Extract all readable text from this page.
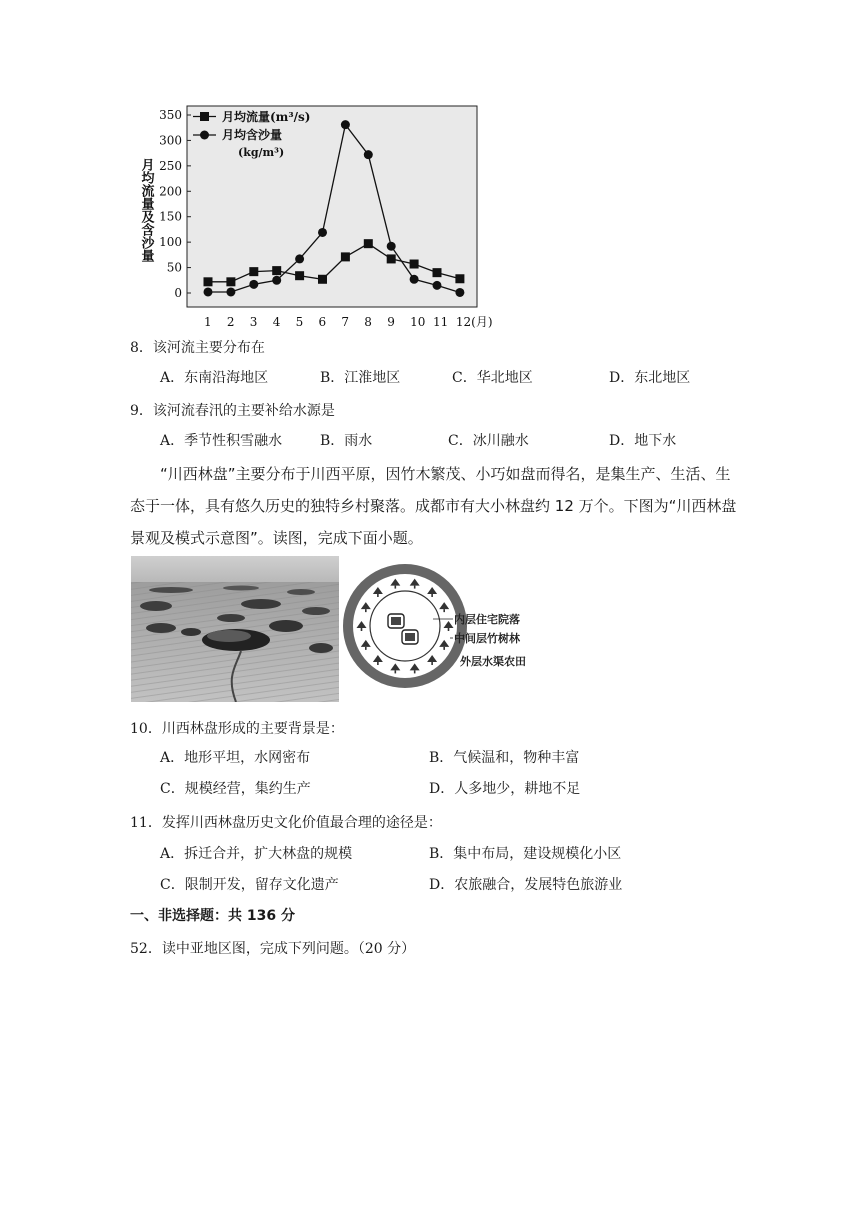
月均流量及含沙量
0
50
100
150
200
250
300
350
1 2 3 4 5 6 7 8 9 10 11 12(月)
月均流量(m³/s)
月均含沙量
(kg/m³)
8．该河流主要分布在
A．东南沿海地区	B．江淮地区	C．华北地区	D．东北地区
9．该河流春汛的主要补给水源是
A．季节性积雪融水	B．雨水	C．冰川融水	D．地下水
“川西林盘”主要分布于川西平原，因竹木繁茂、小巧如盘而得名，是集生产、生活、生态于一体，具有悠久历史的独特乡村聚落。成都市有大小林盘约 12 万个。下图为“川西林盘景观及模式示意图”。读图，完成下面小题。
内层住宅院落
中间层竹树林
外层水渠农田
10．川西林盘形成的主要背景是：
A．地形平坦，水网密布	B．气候温和，物种丰富
C．规模经营，集约生产	D．人多地少，耕地不足
11．发挥川西林盘历史文化价值最合理的途径是：
A．拆迁合并，扩大林盘的规模	B．集中布局，建设规模化小区
C．限制开发，留存文化遗产	D．农旅融合，发展特色旅游业
一、非选择题：共 136 分
52．读中亚地区图，完成下列问题。（20 分）
